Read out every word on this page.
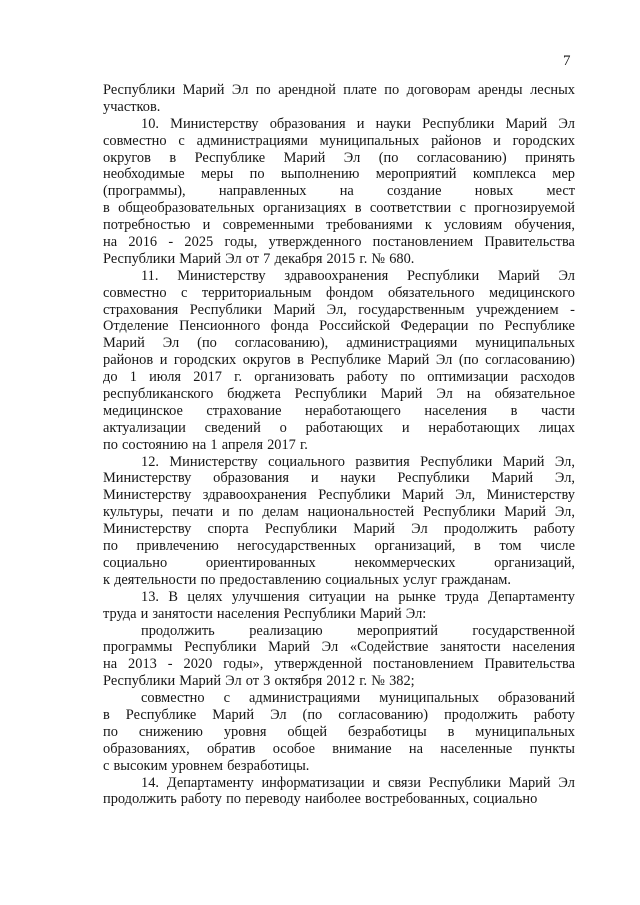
7
Республики Марий Эл по арендной плате по договорам аренды лесных
участков.
10. Министерству образования и науки Республики Марий Эл
совместно с администрациями муниципальных районов и городских
округов в Республике Марий Эл (по согласованию) принять
необходимые меры по выполнению мероприятий комплекса мер
(программы), направленных на создание новых мест
в общеобразовательных организациях в соответствии с прогнозируемой
потребностью и современными требованиями к условиям обучения,
на 2016 - 2025 годы, утвержденного постановлением Правительства
Республики Марий Эл от 7 декабря 2015 г. № 680.
11. Министерству здравоохранения Республики Марий Эл
совместно с территориальным фондом обязательного медицинского
страхования Республики Марий Эл, государственным учреждением -
Отделение Пенсионного фонда Российской Федерации по Республике
Марий Эл (по согласованию), администрациями муниципальных
районов и городских округов в Республике Марий Эл (по согласованию)
до 1 июля 2017 г. организовать работу по оптимизации расходов
республиканского бюджета Республики Марий Эл на обязательное
медицинское страхование неработающего населения в части
актуализации сведений о работающих и неработающих лицах
по состоянию на 1 апреля 2017 г.
12. Министерству социального развития Республики Марий Эл,
Министерству образования и науки Республики Марий Эл,
Министерству здравоохранения Республики Марий Эл, Министерству
культуры, печати и по делам национальностей Республики Марий Эл,
Министерству спорта Республики Марий Эл продолжить работу
по привлечению негосударственных организаций, в том числе
социально	ориентированных	некоммерческих	организаций,
к деятельности по предоставлению социальных услуг гражданам.
13. В целях улучшения ситуации на рынке труда Департаменту
труда и занятости населения Республики Марий Эл:
продолжить реализацию мероприятий государственной
программы Республики Марий Эл «Содействие занятости населения
на 2013 - 2020 годы», утвержденной постановлением Правительства
Республики Марий Эл от 3 октября 2012 г. № 382;
совместно с администрациями муниципальных образований
в Республике Марий Эл (по согласованию) продолжить работу
по снижению уровня общей безработицы в муниципальных
образованиях, обратив особое внимание на населенные пункты
с высоким уровнем безработицы.
14. Департаменту информатизации и связи Республики Марий Эл
продолжить работу по переводу наиболее востребованных, социально
